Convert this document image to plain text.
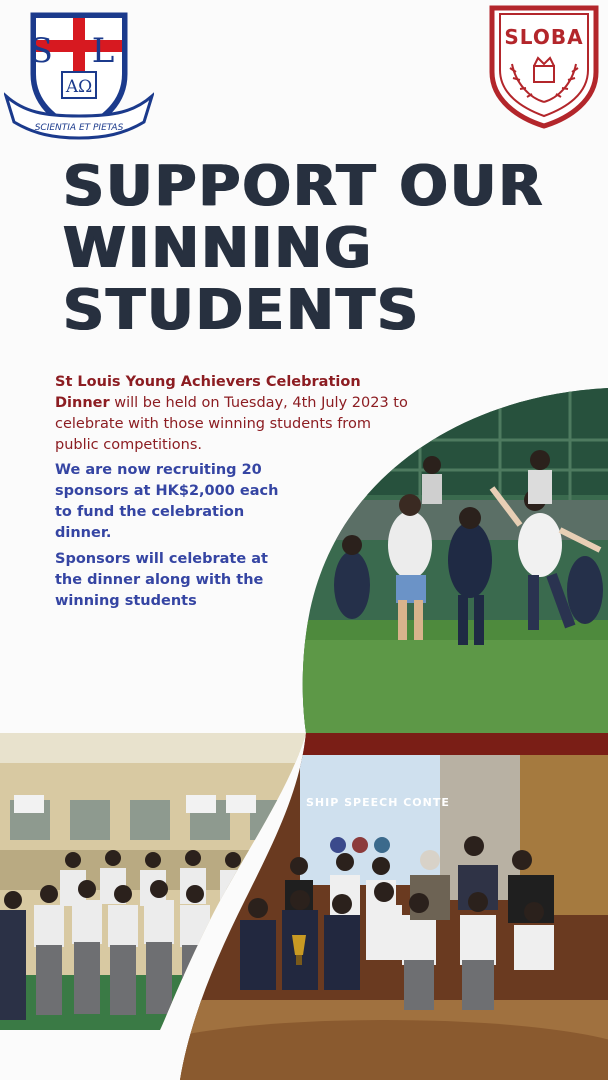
SHIP SPEECH CONTE
S L
AΩ
SCIENTIA ET PIETAS
SLOBA
SUPPORT OUR
WINNING
STUDENTS

St Louis Young Achievers Celebration Dinner will be held on Tuesday, 4th July 2023 to celebrate with those winning students from public competitions.

We are now recruiting 20 sponsors at HK$2,000 each to fund the celebration dinner.

Sponsors will celebrate at the dinner along with the winning students
